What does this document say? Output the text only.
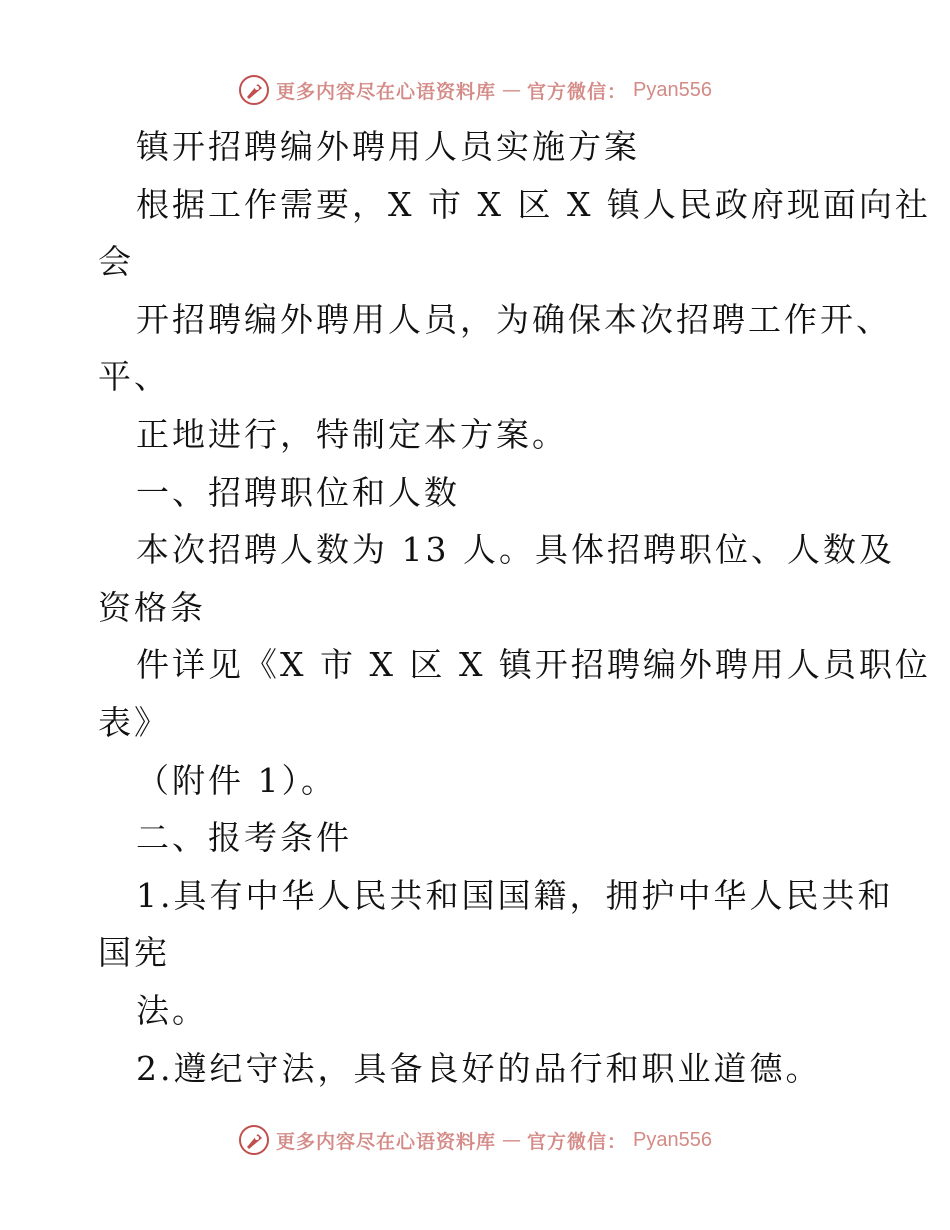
更多内容尽在心语资料库 — 官方微信： Pyan556
镇开招聘编外聘用人员实施方案
根据工作需要，X 市 X 区 X 镇人民政府现面向社
会
开招聘编外聘用人员，为确保本次招聘工作开、
平、
正地进行，特制定本方案。
一、招聘职位和人数
本次招聘人数为 13 人。具体招聘职位、人数及
资格条
件详见《X 市 X 区 X 镇开招聘编外聘用人员职位
表》
（附件 1）。
二、报考条件
1.具有中华人民共和国国籍，拥护中华人民共和
国宪
法。
2.遵纪守法，具备良好的品行和职业道德。
更多内容尽在心语资料库 — 官方微信： Pyan556
